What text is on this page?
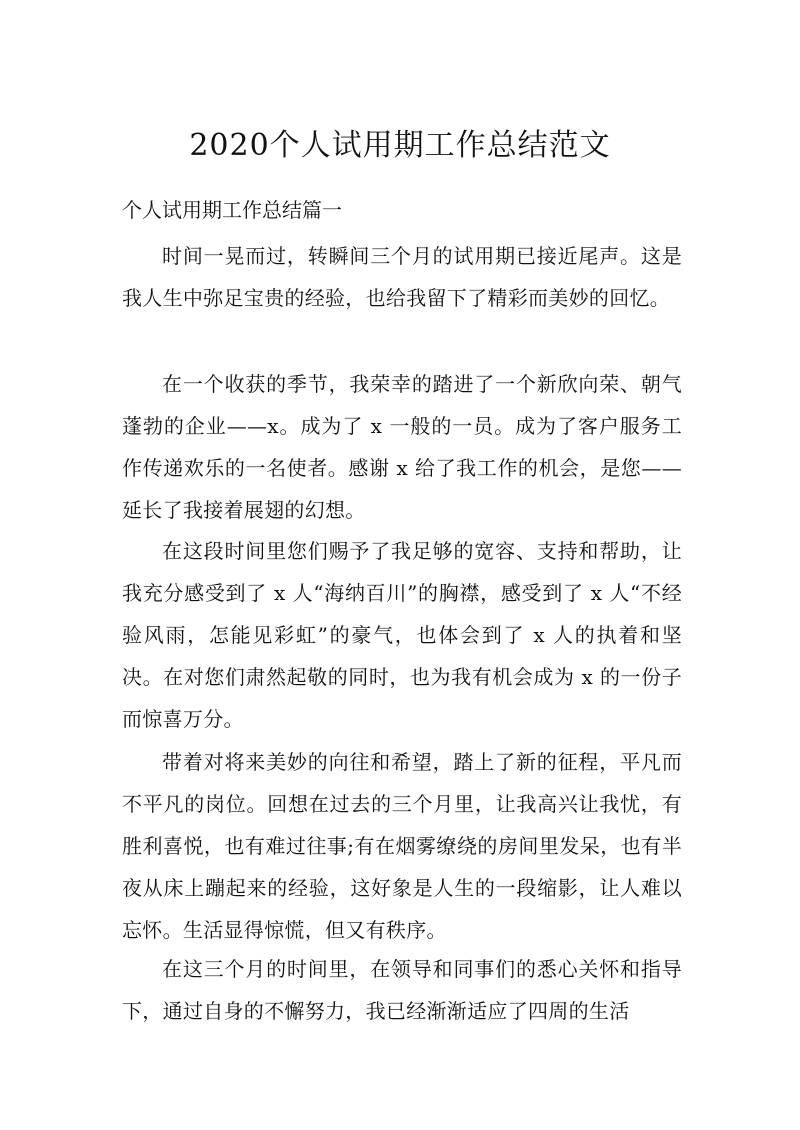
2020个人试用期工作总结范文
个人试用期工作总结篇一

时间一晃而过，转瞬间三个月的试用期已接近尾声。这是我人生中弥足宝贵的经验，也给我留下了精彩而美妙的回忆。

在一个收获的季节，我荣幸的踏进了一个新欣向荣、朝气蓬勃的企业——x。成为了 x 一般的一员。成为了客户服务工作传递欢乐的一名使者。感谢 x 给了我工作的机会，是您——延长了我接着展翅的幻想。

在这段时间里您们赐予了我足够的宽容、支持和帮助，让我充分感受到了 x 人“海纳百川”的胸襟，感受到了 x 人“不经验风雨，怎能见彩虹”的豪气，也体会到了 x 人的执着和坚决。在对您们肃然起敬的同时，也为我有机会成为 x 的一份子而惊喜万分。

带着对将来美妙的向往和希望，踏上了新的征程，平凡而不平凡的岗位。回想在过去的三个月里，让我高兴让我忧，有胜利喜悦，也有难过往事;有在烟雾缭绕的房间里发呆，也有半夜从床上蹦起来的经验，这好象是人生的一段缩影，让人难以忘怀。生活显得惊慌，但又有秩序。

在这三个月的时间里，在领导和同事们的悉心关怀和指导下，通过自身的不懈努力，我已经渐渐适应了四周的生活
